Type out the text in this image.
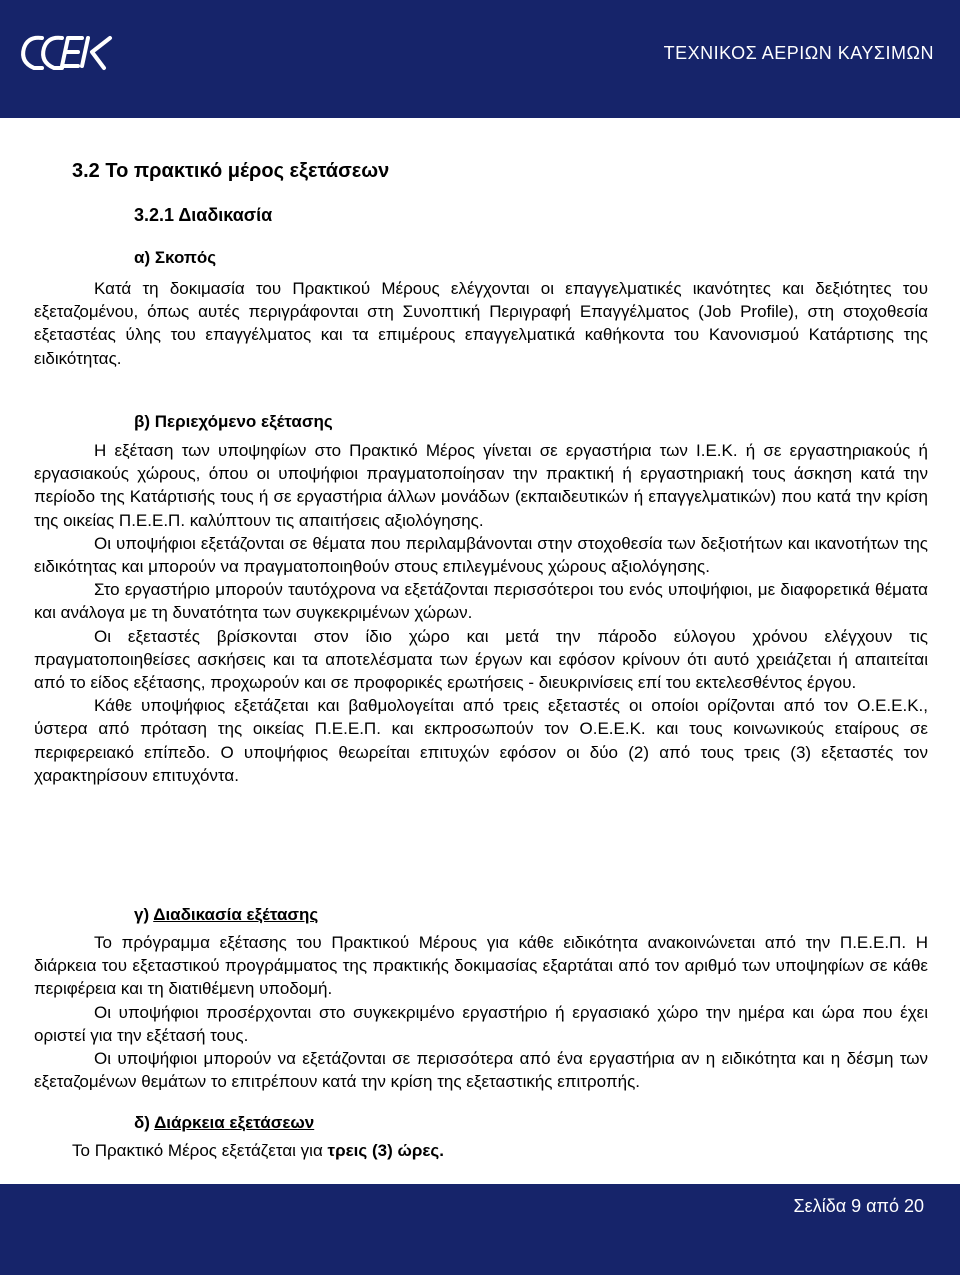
CEEK
ΤΕΧΝΙΚΟΣ ΑΕΡΙΩΝ ΚΑΥΣΙΜΩΝ
3.2 Το πρακτικό μέρος εξετάσεων
3.2.1 Διαδικασία
α) Σκοπός

Κατά τη δοκιμασία του Πρακτικού Μέρους ελέγχονται οι επαγγελματικές ικανότητες και δεξιότητες του εξεταζομένου, όπως αυτές περιγράφονται στη Συνοπτική Περιγραφή Επαγγέλματος (Job Profile), στη στοχοθεσία εξεταστέας ύλης του επαγγέλματος και τα επιμέρους επαγγελματικά καθήκοντα του Κανονισμού Κατάρτισης της ειδικότητας.

β) Περιεχόμενο εξέτασης

Η εξέταση των υποψηφίων στο Πρακτικό Μέρος γίνεται σε εργαστήρια των Ι.Ε.Κ. ή σε εργαστηριακούς ή εργασιακούς χώρους, όπου οι υποψήφιοι πραγματοποίησαν την πρακτική ή εργαστηριακή τους άσκηση κατά την περίοδο της Κατάρτισής τους ή σε εργαστήρια άλλων μονάδων (εκπαιδευτικών ή επαγγελματικών) που κατά την κρίση της οικείας Π.Ε.Ε.Π. καλύπτουν τις απαιτήσεις αξιολόγησης.

Οι υποψήφιοι εξετάζονται σε θέματα που περιλαμβάνονται στην στοχοθεσία των δεξιοτήτων και ικανοτήτων της ειδικότητας και μπορούν να πραγματοποιηθούν στους επιλεγμένους χώρους αξιολόγησης.

Στο εργαστήριο μπορούν ταυτόχρονα να εξετάζονται περισσότεροι του ενός υποψήφιοι, με διαφορετικά θέματα και ανάλογα με τη δυνατότητα των συγκεκριμένων χώρων.

Οι εξεταστές βρίσκονται στον ίδιο χώρο και μετά την πάροδο εύλογου χρόνου ελέγχουν τις πραγματοποιηθείσες ασκήσεις και τα αποτελέσματα των έργων και εφόσον κρίνουν ότι αυτό χρειάζεται ή απαιτείται από το είδος εξέτασης, προχωρούν και σε προφορικές ερωτήσεις - διευκρινίσεις επί του εκτελεσθέντος έργου.

Κάθε υποψήφιος εξετάζεται και βαθμολογείται από τρεις εξεταστές οι οποίοι ορίζονται από τον Ο.Ε.Ε.Κ., ύστερα από πρόταση της οικείας Π.Ε.Ε.Π. και εκπροσωπούν τον Ο.Ε.Ε.Κ. και τους κοινωνικούς εταίρους σε περιφερειακό επίπεδο. Ο υποψήφιος θεωρείται επιτυχών εφόσον οι δύο (2) από τους τρεις (3) εξεταστές τον χαρακτηρίσουν επιτυχόντα.

γ) Διαδικασία εξέτασης

Το πρόγραμμα εξέτασης του Πρακτικού Μέρους για κάθε ειδικότητα ανακοινώνεται από την Π.Ε.Ε.Π. Η διάρκεια του εξεταστικού προγράμματος της πρακτικής δοκιμασίας εξαρτάται από τον αριθμό των υποψηφίων σε κάθε περιφέρεια και τη διατιθέμενη υποδομή.

Οι υποψήφιοι προσέρχονται στο συγκεκριμένο εργαστήριο ή εργασιακό χώρο την ημέρα και ώρα που έχει οριστεί για την εξέτασή τους.

Οι υποψήφιοι μπορούν να εξετάζονται σε περισσότερα από ένα εργαστήρια αν η ειδικότητα και η δέσμη των εξεταζομένων θεμάτων το επιτρέπουν κατά την κρίση της εξεταστικής επιτροπής.

δ) Διάρκεια εξετάσεων
Το Πρακτικό Μέρος εξετάζεται για τρεις (3) ώρες.
Σελίδα 9 από 20
